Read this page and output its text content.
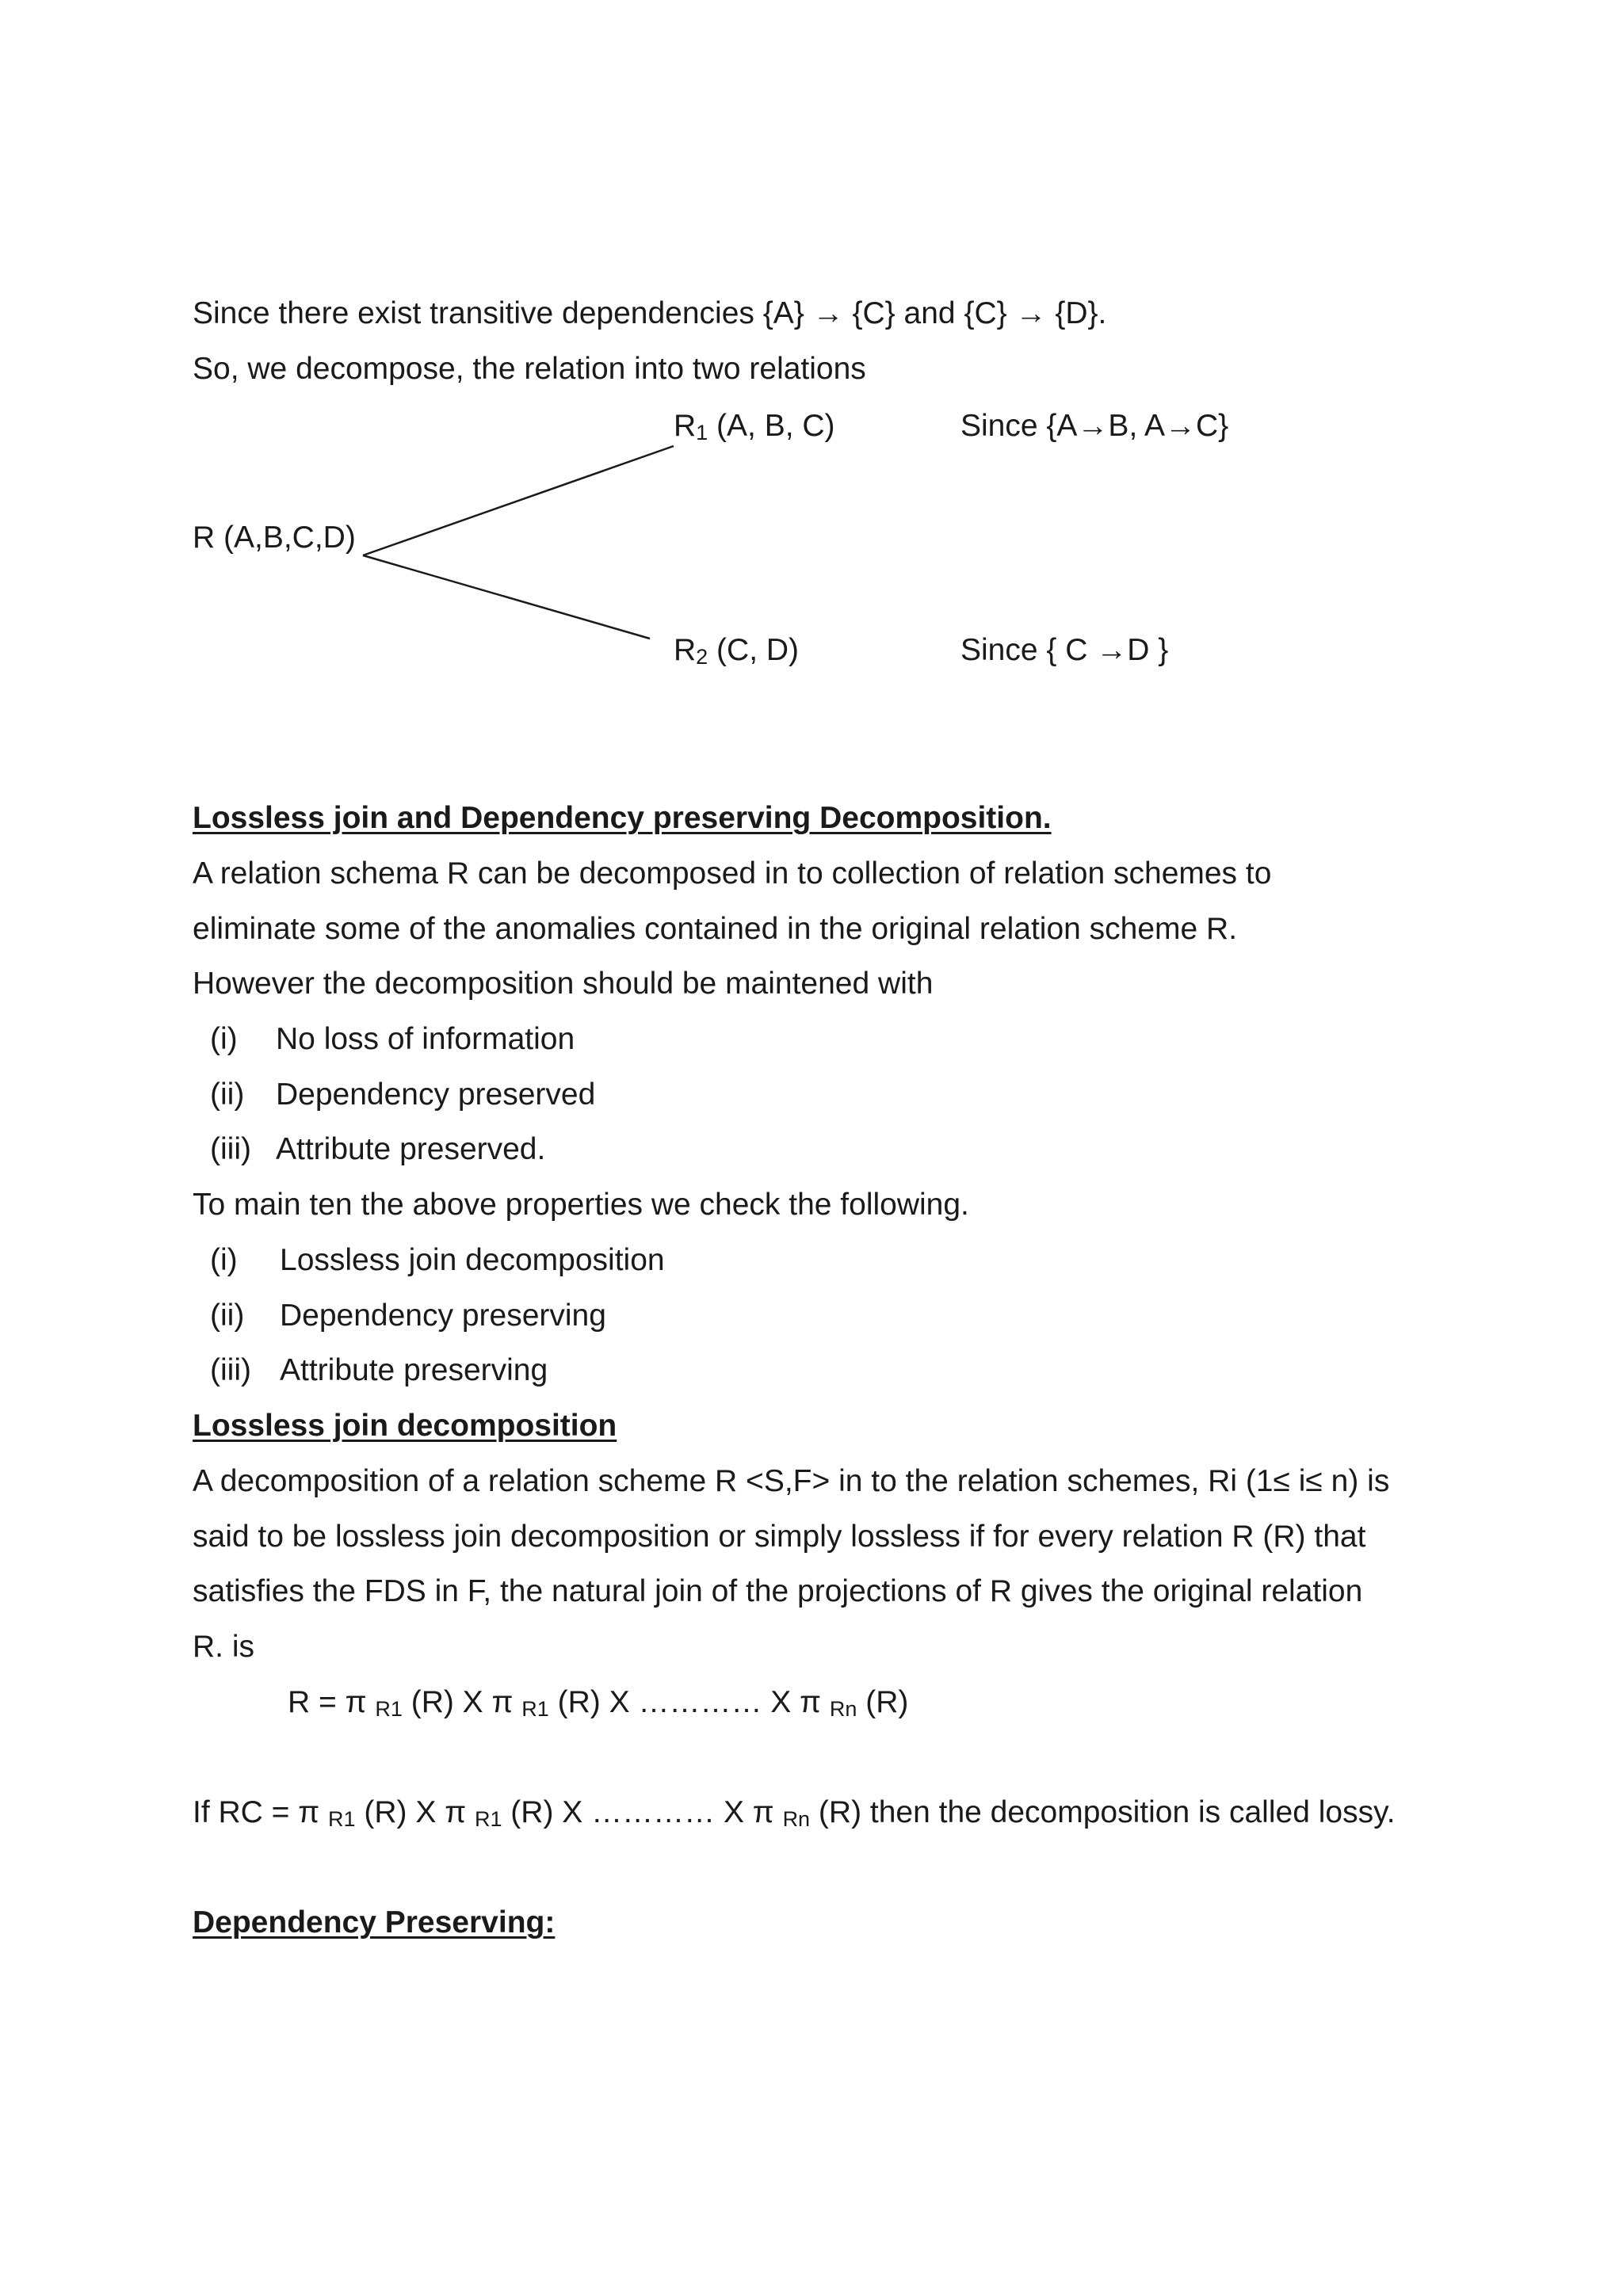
Since there exist transitive dependencies {A} → {C} and {C} → {D}.
So, we decompose, the relation into two relations
R (A,B,C,D)
$R_1$ (A, B, C)	Since {A→B, A→C}
$R_2$ (C, D)	Since { C →D }
Lossless join and Dependency preserving Decomposition.
A relation schema R can be decomposed in to collection of relation schemes to
eliminate some of the anomalies contained in the original relation scheme R.
However the decomposition should be maintened with
(i) No loss of information
(ii) Dependency preserved
(iii) Attribute preserved.
To main ten the above properties we check the following.
(i) Lossless join decomposition
(ii) Dependency preserving
(iii) Attribute preserving
Lossless join decomposition
A decomposition of a relation scheme R <S,F> in to the relation schemes, Ri (1≤ i≤ n) is
said to be lossless join decomposition or simply lossless if for every relation R (R) that
satisfies the FDS in F, the natural join of the projections of R gives the original relation
R. is
R = π R1 (R) X π R1 (R) X ………… X π Rn (R)
If RC = π R1 (R) X π R1 (R) X ………… X π Rn (R) then the decomposition is called lossy.
Dependency Preserving:
